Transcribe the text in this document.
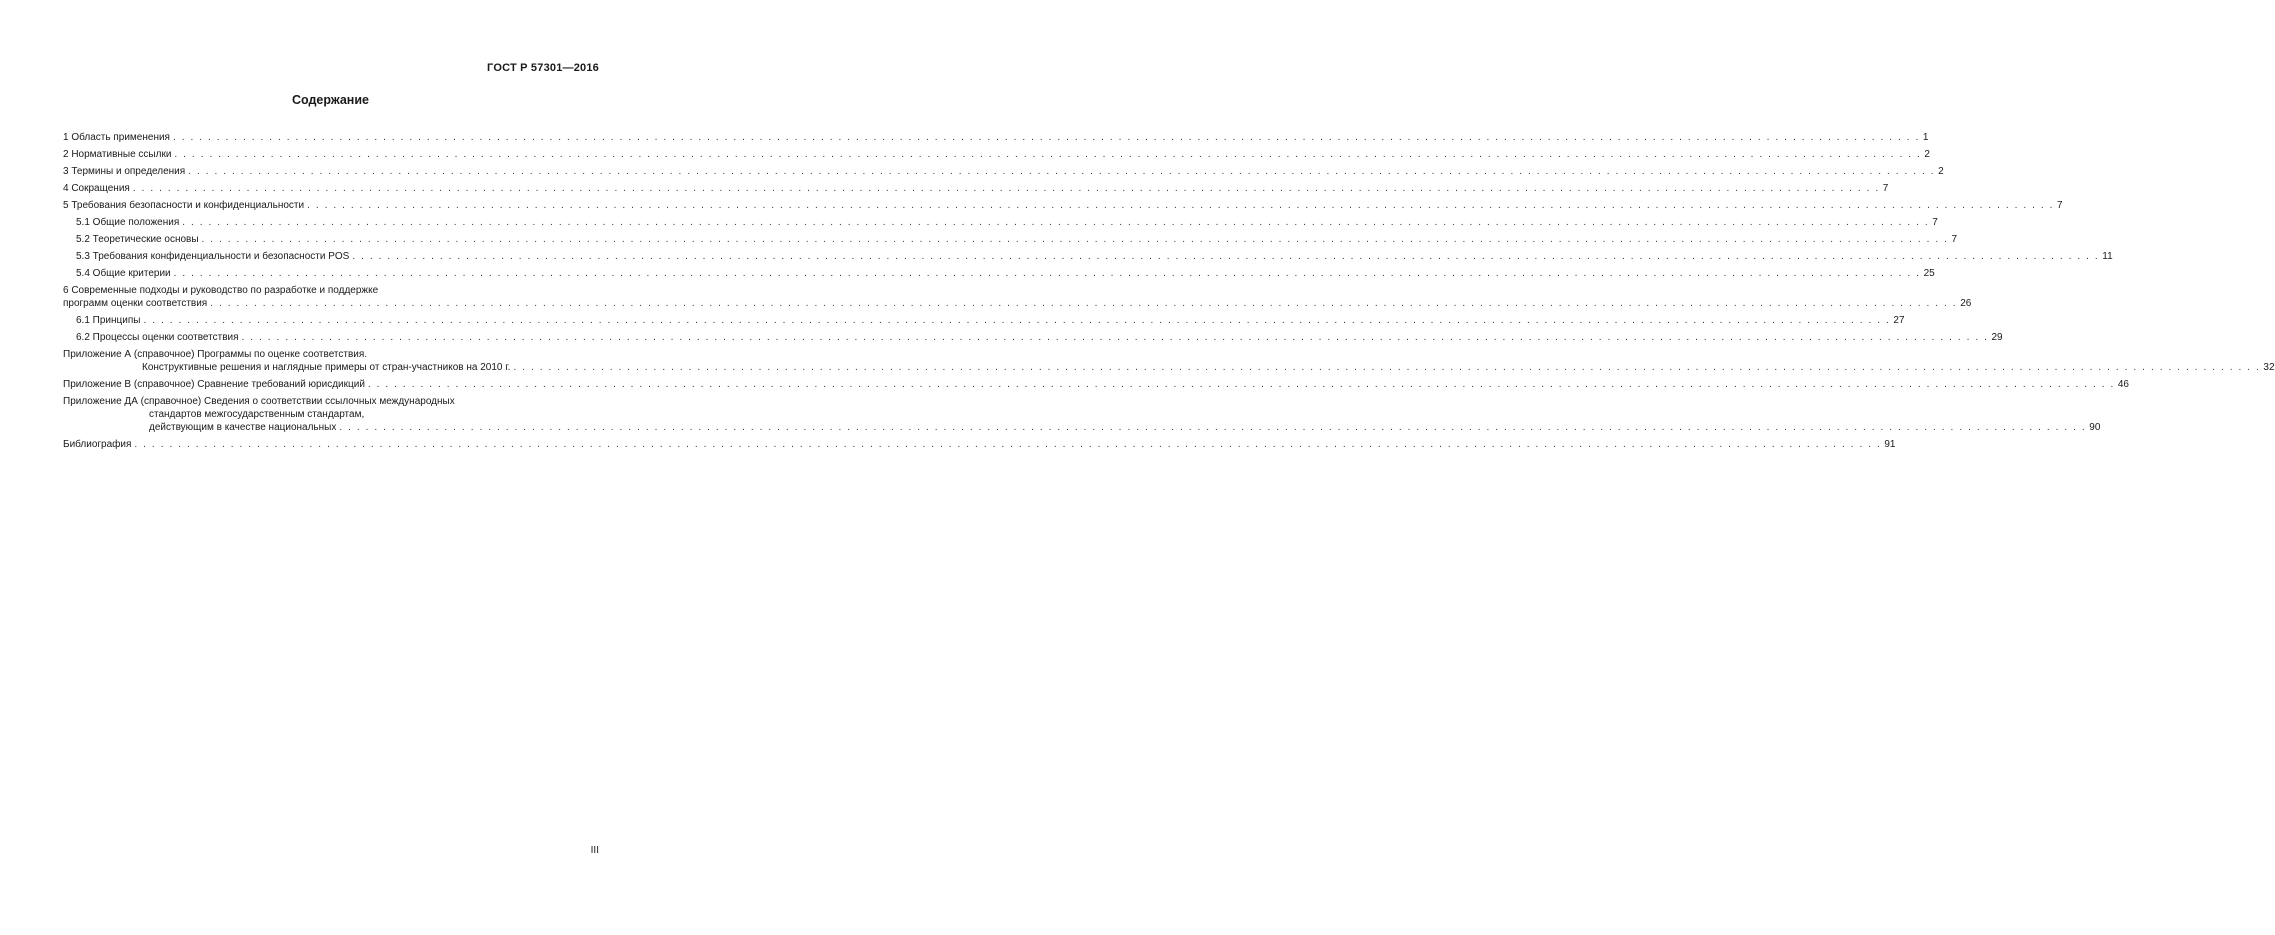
ГОСТ Р 57301—2016
Содержание
1 Область применения . . . . . . . . . . . . . . . . . . . . . . . . . . . . . . . . . . . . . . . . . . . . . . . . . . . . . . . . . . . . . . . . . . . . . . . . . . . . . . . . . . . . . . . . . . . . . . . . . . . . . . . . . . . . . . . . . . . . . . . . . . . . . . . . . . . . . . . . . . . . . . . . . . . . . . . . . . . . . . . . . . . . . . . . . . . . . . . . . . . . . . . . . . . . . . . . . . . . . . . . 1
2 Нормативные ссылки . . . . . . . . . . . . . . . . . . . . . . . . . . . . . . . . . . . . . . . . . . . . . . . . . . . . . . . . . . . . . . . . . . . . . . . . . . . . . . . . . . . . . . . . . . . . . . . . . . . . . . . . . . . . . . . . . . . . . . . . . . . . . . . . . . . . . . . . . . . . . . . . . . . . . . . . . . . . . . . . . . . . . . . . . . . . . . . . . . . . . . . . . . . . . . . . . . . . . . . . 2
3 Термины и определения . . . . . . . . . . . . . . . . . . . . . . . . . . . . . . . . . . . . . . . . . . . . . . . . . . . . . . . . . . . . . . . . . . . . . . . . . . . . . . . . . . . . . . . . . . . . . . . . . . . . . . . . . . . . . . . . . . . . . . . . . . . . . . . . . . . . . . . . . . . . . . . . . . . . . . . . . . . . . . . . . . . . . . . . . . . . . . . . . . . . . . . . . . . . . . . . . . . . . . . . 2
4 Сокращения . . . . . . . . . . . . . . . . . . . . . . . . . . . . . . . . . . . . . . . . . . . . . . . . . . . . . . . . . . . . . . . . . . . . . . . . . . . . . . . . . . . . . . . . . . . . . . . . . . . . . . . . . . . . . . . . . . . . . . . . . . . . . . . . . . . . . . . . . . . . . . . . . . . . . . . . . . . . . . . . . . . . . . . . . . . . . . . . . . . . . . . . . . . . . . . . . . . . . . . . 7
5 Требования безопасности и конфиденциальности . . . . . . . . . . . . . . . . . . . . . . . . . . . . . . . . . . . . . . . . . . . . . . . . . . . . . . . . . . . . . . . . . . . . . . . . . . . . . . . . . . . . . . . . . . . . . . . . . . . . . . . . . . . . . . . . . . . . . . . . . . . . . . . . . . . . . . . . . . . . . . . . . . . . . . . . . . . . . . . . . . . . . . . . . . . . . . . . . . . . . . . . . . . . . . . . . . . . . . . . 7
5.1 Общие положения . . . . . . . . . . . . . . . . . . . . . . . . . . . . . . . . . . . . . . . . . . . . . . . . . . . . . . . . . . . . . . . . . . . . . . . . . . . . . . . . . . . . . . . . . . . . . . . . . . . . . . . . . . . . . . . . . . . . . . . . . . . . . . . . . . . . . . . . . . . . . . . . . . . . . . . . . . . . . . . . . . . . . . . . . . . . . . . . . . . . . . . . . . . . . . . . . . . . . . . . 7
5.2 Теоретические основы . . . . . . . . . . . . . . . . . . . . . . . . . . . . . . . . . . . . . . . . . . . . . . . . . . . . . . . . . . . . . . . . . . . . . . . . . . . . . . . . . . . . . . . . . . . . . . . . . . . . . . . . . . . . . . . . . . . . . . . . . . . . . . . . . . . . . . . . . . . . . . . . . . . . . . . . . . . . . . . . . . . . . . . . . . . . . . . . . . . . . . . . . . . . . . . . . . . . . . . . 7
5.3 Требования конфиденциальности и безопасности POS . . . . . . . . . . . . . . . . . . . . . . . . . . . . . . . . . . . . . . . . . . . . . . . . . . . . . . . . . . . . . . . . . . . . . . . . . . . . . . . . . . . . . . . . . . . . . . . . . . . . . . . . . . . . . . . . . . . . . . . . . . . . . . . . . . . . . . . . . . . . . . . . . . . . . . . . . . . . . . . . . . . . . . . . . . . . . . . . . . . . . . . . . . . . . . . . . . . . . . . . 11
5.4 Общие критерии . . . . . . . . . . . . . . . . . . . . . . . . . . . . . . . . . . . . . . . . . . . . . . . . . . . . . . . . . . . . . . . . . . . . . . . . . . . . . . . . . . . . . . . . . . . . . . . . . . . . . . . . . . . . . . . . . . . . . . . . . . . . . . . . . . . . . . . . . . . . . . . . . . . . . . . . . . . . . . . . . . . . . . . . . . . . . . . . . . . . . . . . . . . . . . . . . . . . . . . . 25
6 Современные подходы и руководство по разработке и поддержке
программ оценки соответствия . . . . . . . . . . . . . . . . . . . . . . . . . . . . . . . . . . . . . . . . . . . . . . . . . . . . . . . . . . . . . . . . . . . . . . . . . . . . . . . . . . . . . . . . . . . . . . . . . . . . . . . . . . . . . . . . . . . . . . . . . . . . . . . . . . . . . . . . . . . . . . . . . . . . . . . . . . . . . . . . . . . . . . . . . . . . . . . . . . . . . . . . . . . . . . . . . . . . . . . . 26
6.1 Принципы . . . . . . . . . . . . . . . . . . . . . . . . . . . . . . . . . . . . . . . . . . . . . . . . . . . . . . . . . . . . . . . . . . . . . . . . . . . . . . . . . . . . . . . . . . . . . . . . . . . . . . . . . . . . . . . . . . . . . . . . . . . . . . . . . . . . . . . . . . . . . . . . . . . . . . . . . . . . . . . . . . . . . . . . . . . . . . . . . . . . . . . . . . . . . . . . . . . . . . . . 27
6.2 Процессы оценки соответствия . . . . . . . . . . . . . . . . . . . . . . . . . . . . . . . . . . . . . . . . . . . . . . . . . . . . . . . . . . . . . . . . . . . . . . . . . . . . . . . . . . . . . . . . . . . . . . . . . . . . . . . . . . . . . . . . . . . . . . . . . . . . . . . . . . . . . . . . . . . . . . . . . . . . . . . . . . . . . . . . . . . . . . . . . . . . . . . . . . . . . . . . . . . . . . . . . . . . . . . . 29
Приложение А (справочное) Программы по оценке соответствия.
Конструктивные решения и наглядные примеры от стран-участников на 2010 г. . . . . . . . . . . . . . . . . . . . . . . . . . . . . . . . . . . . . . . . . . . . . . . . . . . . . . . . . . . . . . . . . . . . . . . . . . . . . . . . . . . . . . . . . . . . . . . . . . . . . . . . . . . . . . . . . . . . . . . . . . . . . . . . . . . . . . . . . . . . . . . . . . . . . . . . . . . . . . . . . . . . . . . . . . . . . . . . . . . . . . . . . . . . . . . . . . . . . . . . . 32
Приложение В (справочное) Сравнение требований юрисдикций . . . . . . . . . . . . . . . . . . . . . . . . . . . . . . . . . . . . . . . . . . . . . . . . . . . . . . . . . . . . . . . . . . . . . . . . . . . . . . . . . . . . . . . . . . . . . . . . . . . . . . . . . . . . . . . . . . . . . . . . . . . . . . . . . . . . . . . . . . . . . . . . . . . . . . . . . . . . . . . . . . . . . . . . . . . . . . . . . . . . . . . . . . . . . . . . . . . . . . . . 46
Приложение ДА (справочное) Сведения о соответствии ссылочных международных
стандартов межгосударственным стандартам,
действующим в качестве национальных . . . . . . . . . . . . . . . . . . . . . . . . . . . . . . . . . . . . . . . . . . . . . . . . . . . . . . . . . . . . . . . . . . . . . . . . . . . . . . . . . . . . . . . . . . . . . . . . . . . . . . . . . . . . . . . . . . . . . . . . . . . . . . . . . . . . . . . . . . . . . . . . . . . . . . . . . . . . . . . . . . . . . . . . . . . . . . . . . . . . . . . . . . . . . . . . . . . . . . . . 90
Библиография . . . . . . . . . . . . . . . . . . . . . . . . . . . . . . . . . . . . . . . . . . . . . . . . . . . . . . . . . . . . . . . . . . . . . . . . . . . . . . . . . . . . . . . . . . . . . . . . . . . . . . . . . . . . . . . . . . . . . . . . . . . . . . . . . . . . . . . . . . . . . . . . . . . . . . . . . . . . . . . . . . . . . . . . . . . . . . . . . . . . . . . . . . . . . . . . . . . . . . . . 91
III
